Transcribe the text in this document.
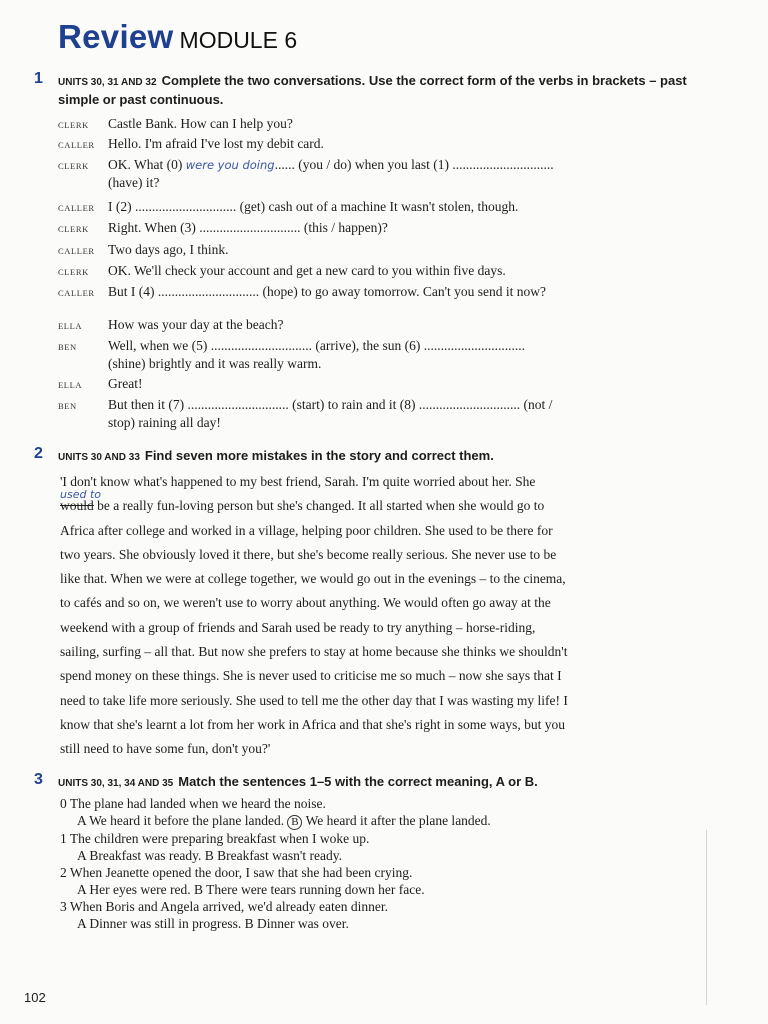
Review MODULE 6
1 UNITS 30, 31 AND 32 Complete the two conversations. Use the correct form of the verbs in brackets – past simple or past continuous.
CLERK Castle Bank. How can I help you?
CALLER Hello. I'm afraid I've lost my debit card.
CLERK OK. What (0) were you doing...... (you / do) when you last (1) ..............................
(have) it?
CALLER I (2) .............................. (get) cash out of a machine It wasn't stolen, though.
CLERK Right. When (3) .............................. (this / happen)?
CALLER Two days ago, I think.
CLERK OK. We'll check your account and get a new card to you within five days.
CALLER But I (4) .............................. (hope) to go away tomorrow. Can't you send it now?
ELLA How was your day at the beach?
BEN Well, when we (5) .............................. (arrive), the sun (6) ..............................
(shine) brightly and it was really warm.
ELLA Great!
BEN But then it (7) .............................. (start) to rain and it (8) .............................. (not /
stop) raining all day!
2 UNITS 30 AND 33 Find seven more mistakes in the story and correct them.
used to
'I don't know what's happened to my best friend, Sarah. I'm quite worried about her. She
would be a really fun-loving person but she's changed. It all started when she would go to
Africa after college and worked in a village, helping poor children. She used to be there for
two years. She obviously loved it there, but she's become really serious. She never use to be
like that. When we were at college together, we would go out in the evenings – to the cinema,
to cafés and so on, we weren't use to worry about anything. We would often go away at the
weekend with a group of friends and Sarah used be ready to try anything – horse-riding,
sailing, surfing – all that. But now she prefers to stay at home because she thinks we shouldn't
spend money on these things. She is never used to criticise me so much – now she says that I
need to take life more seriously. She used to tell me the other day that I was wasting my life! I
know that she's learnt a lot from her work in Africa and that she's right in some ways, but you
still need to have some fun, don't you?'
3 UNITS 30, 31, 34 AND 35 Match the sentences 1–5 with the correct meaning, A or B.
0 The plane had landed when we heard the noise.
A We heard it before the plane landed. B We heard it after the plane landed.
1 The children were preparing breakfast when I woke up.
A Breakfast was ready. B Breakfast wasn't ready.
2 When Jeanette opened the door, I saw that she had been crying.
A Her eyes were red. B There were tears running down her face.
3 When Boris and Angela arrived, we'd already eaten dinner.
A Dinner was still in progress. B Dinner was over.
102
